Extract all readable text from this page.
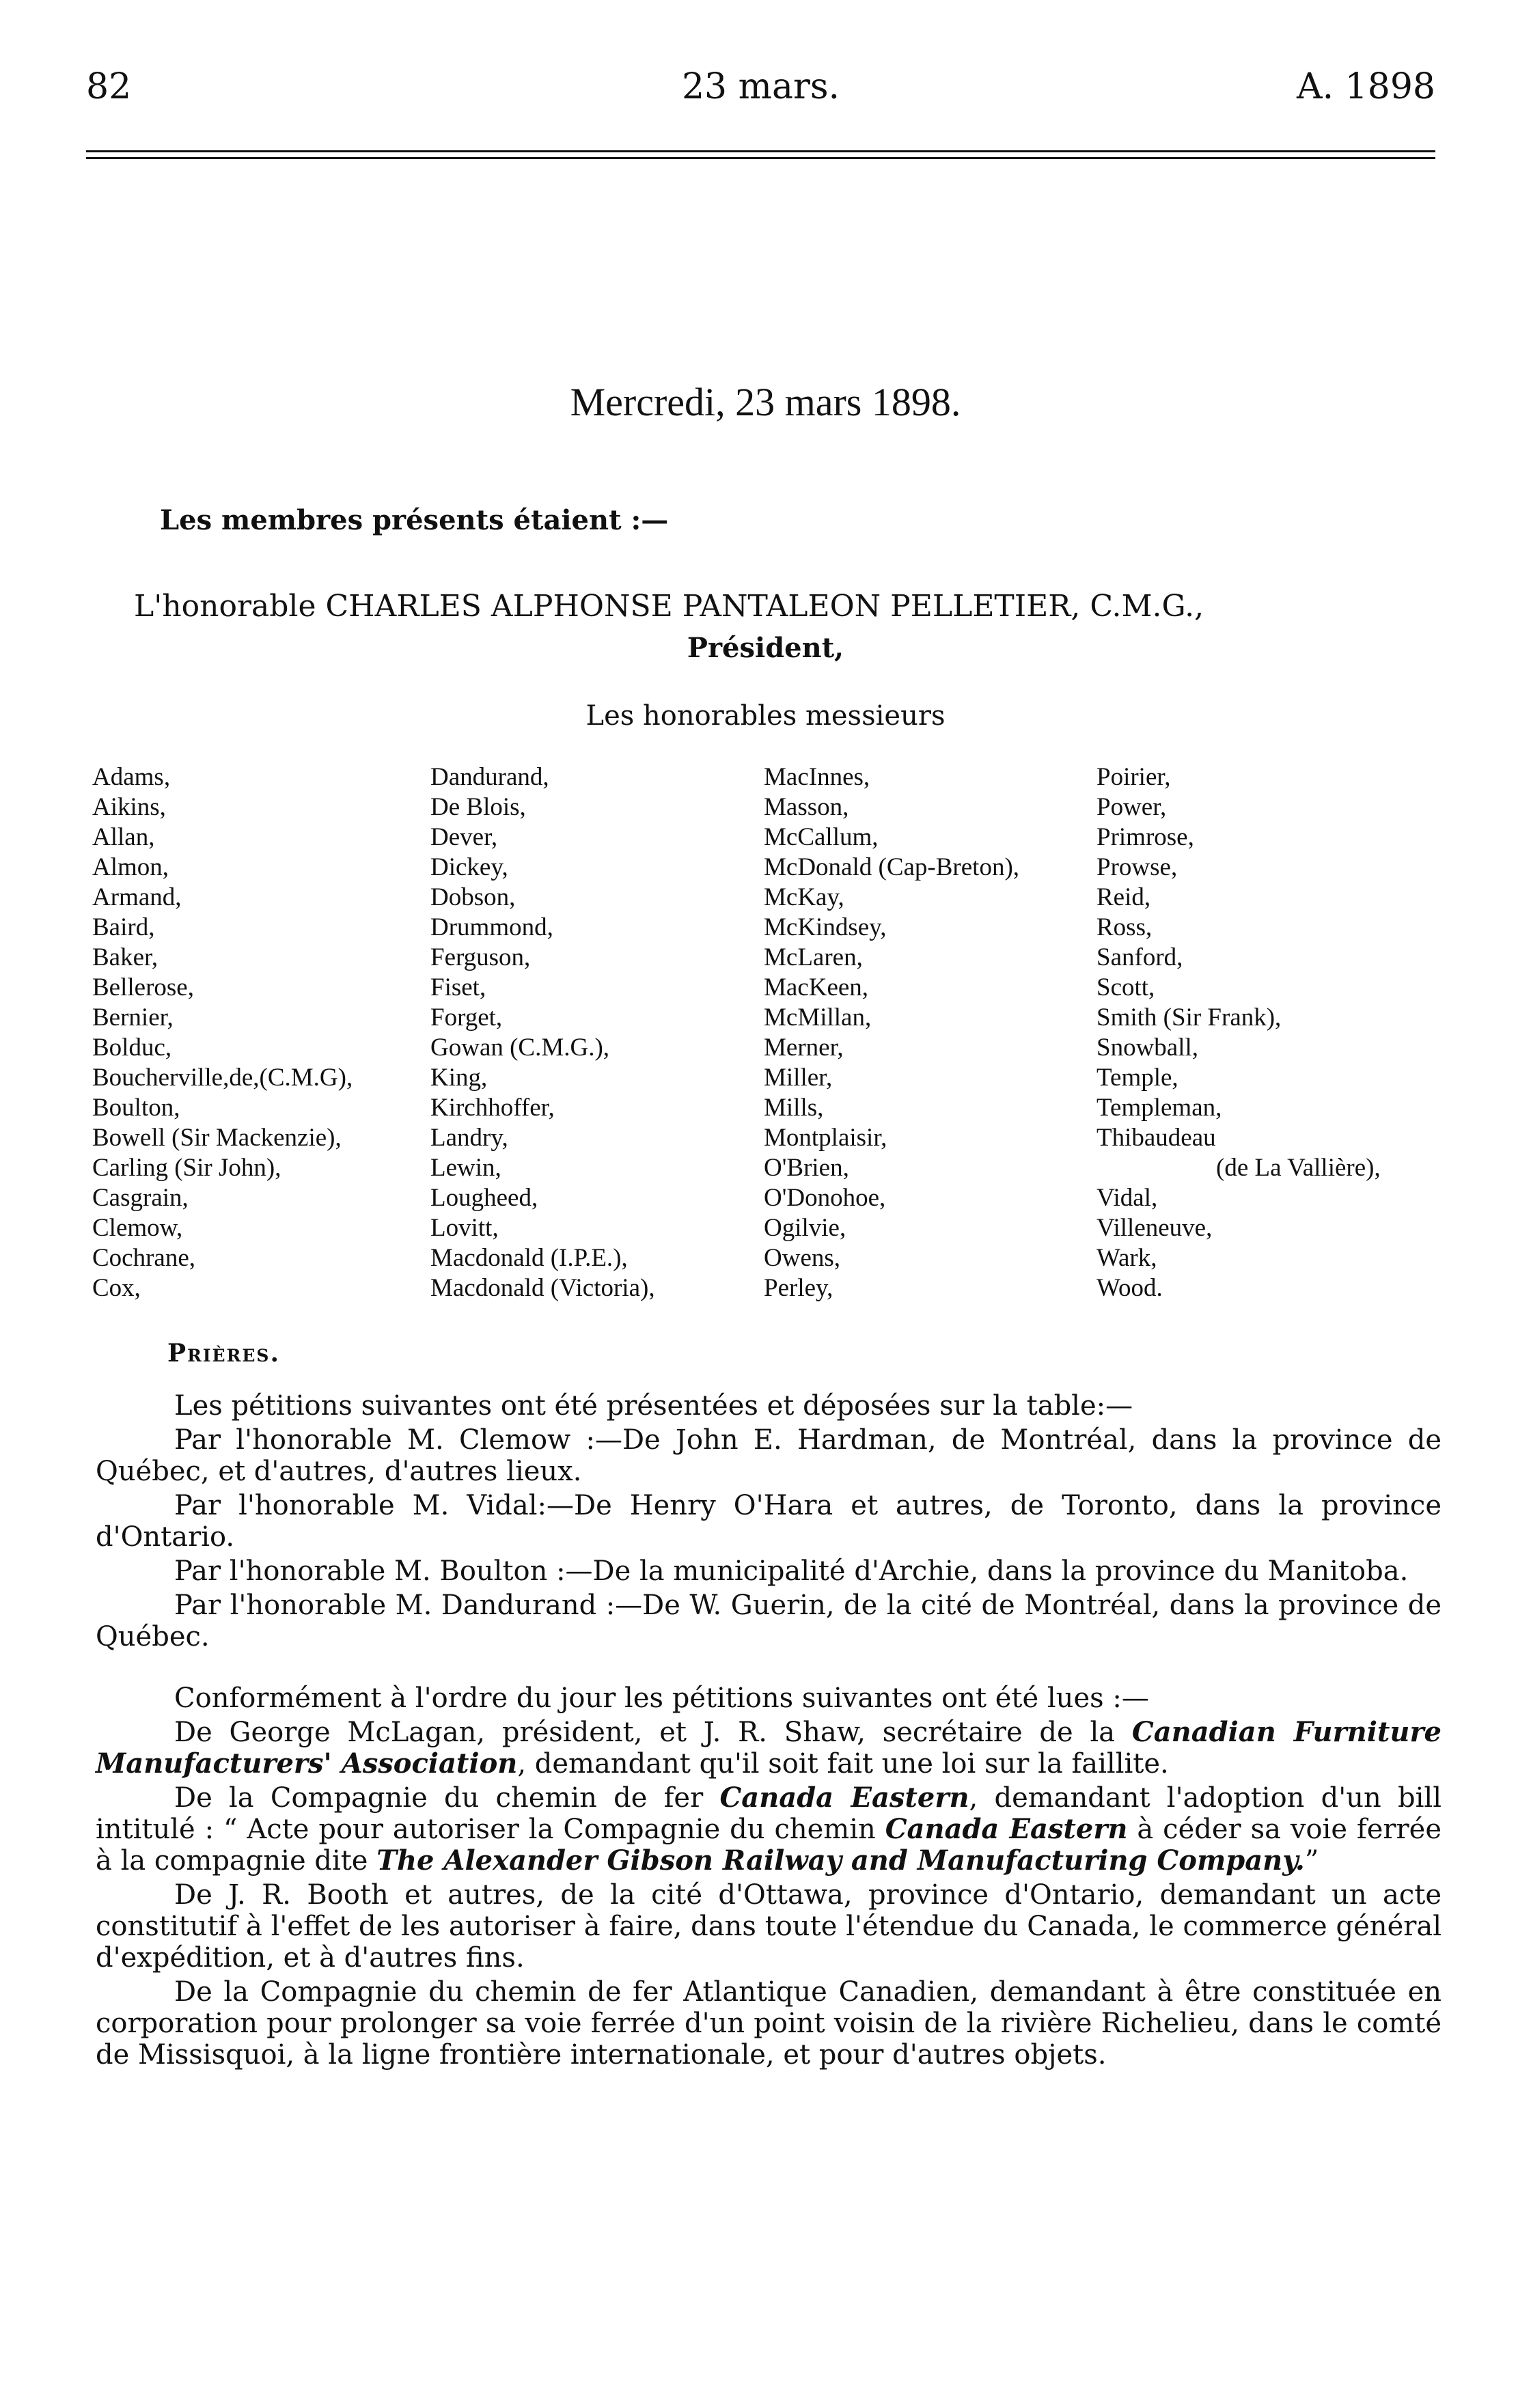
82	23 mars.	A. 1898
Mercredi, 23 mars 1898.
Les membres présents étaient :—
L'honorable CHARLES ALPHONSE PANTALEON PELLETIER, C.M.G.,
Président,
Les honorables messieurs
Adams,
Aikins,
Allan,
Almon,
Armand,
Baird,
Baker,
Bellerose,
Bernier,
Bolduc,
Boucherville,de,(C.M.G),
Boulton,
Bowell (Sir Mackenzie),
Carling (Sir John),
Casgrain,
Clemow,
Cochrane,
Cox,
Dandurand,
De Blois,
Dever,
Dickey,
Dobson,
Drummond,
Ferguson,
Fiset,
Forget,
Gowan (C.M.G.),
King,
Kirchhoffer,
Landry,
Lewin,
Lougheed,
Lovitt,
Macdonald (I.P.E.),
Macdonald (Victoria),
MacInnes,
Masson,
McCallum,
McDonald (Cap-Breton),
McKay,
McKindsey,
McLaren,
MacKeen,
McMillan,
Merner,
Miller,
Mills,
Montplaisir,
O'Brien,
O'Donohoe,
Ogilvie,
Owens,
Perley,
Poirier,
Power,
Primrose,
Prowse,
Reid,
Ross,
Sanford,
Scott,
Smith (Sir Frank),
Snowball,
Temple,
Templeman,
Thibaudeau
(de La Vallière),
Vidal,
Villeneuve,
Wark,
Wood.
Prières.

Les pétitions suivantes ont été présentées et déposées sur la table:—

Par l'honorable M. Clemow :—De John E. Hardman, de Montréal, dans la province de Québec, et d'autres, d'autres lieux.

Par l'honorable M. Vidal:—De Henry O'Hara et autres, de Toronto, dans la province d'Ontario.

Par l'honorable M. Boulton :—De la municipalité d'Archie, dans la province du Manitoba.

Par l'honorable M. Dandurand :—De W. Guerin, de la cité de Montréal, dans la province de Québec.

Conformément à l'ordre du jour les pétitions suivantes ont été lues :—

De George McLagan, président, et J. R. Shaw, secrétaire de la Canadian Furniture Manufacturers' Association, demandant qu'il soit fait une loi sur la faillite.

De la Compagnie du chemin de fer Canada Eastern, demandant l'adoption d'un bill intitulé : “ Acte pour autoriser la Compagnie du chemin Canada Eastern à céder sa voie ferrée à la compagnie dite The Alexander Gibson Railway and Manufacturing Company.”

De J. R. Booth et autres, de la cité d'Ottawa, province d'Ontario, demandant un acte constitutif à l'effet de les autoriser à faire, dans toute l'étendue du Canada, le commerce général d'expédition, et à d'autres fins.

De la Compagnie du chemin de fer Atlantique Canadien, demandant à être constituée en corporation pour prolonger sa voie ferrée d'un point voisin de la rivière Richelieu, dans le comté de Missisquoi, à la ligne frontière internationale, et pour d'autres objets.
